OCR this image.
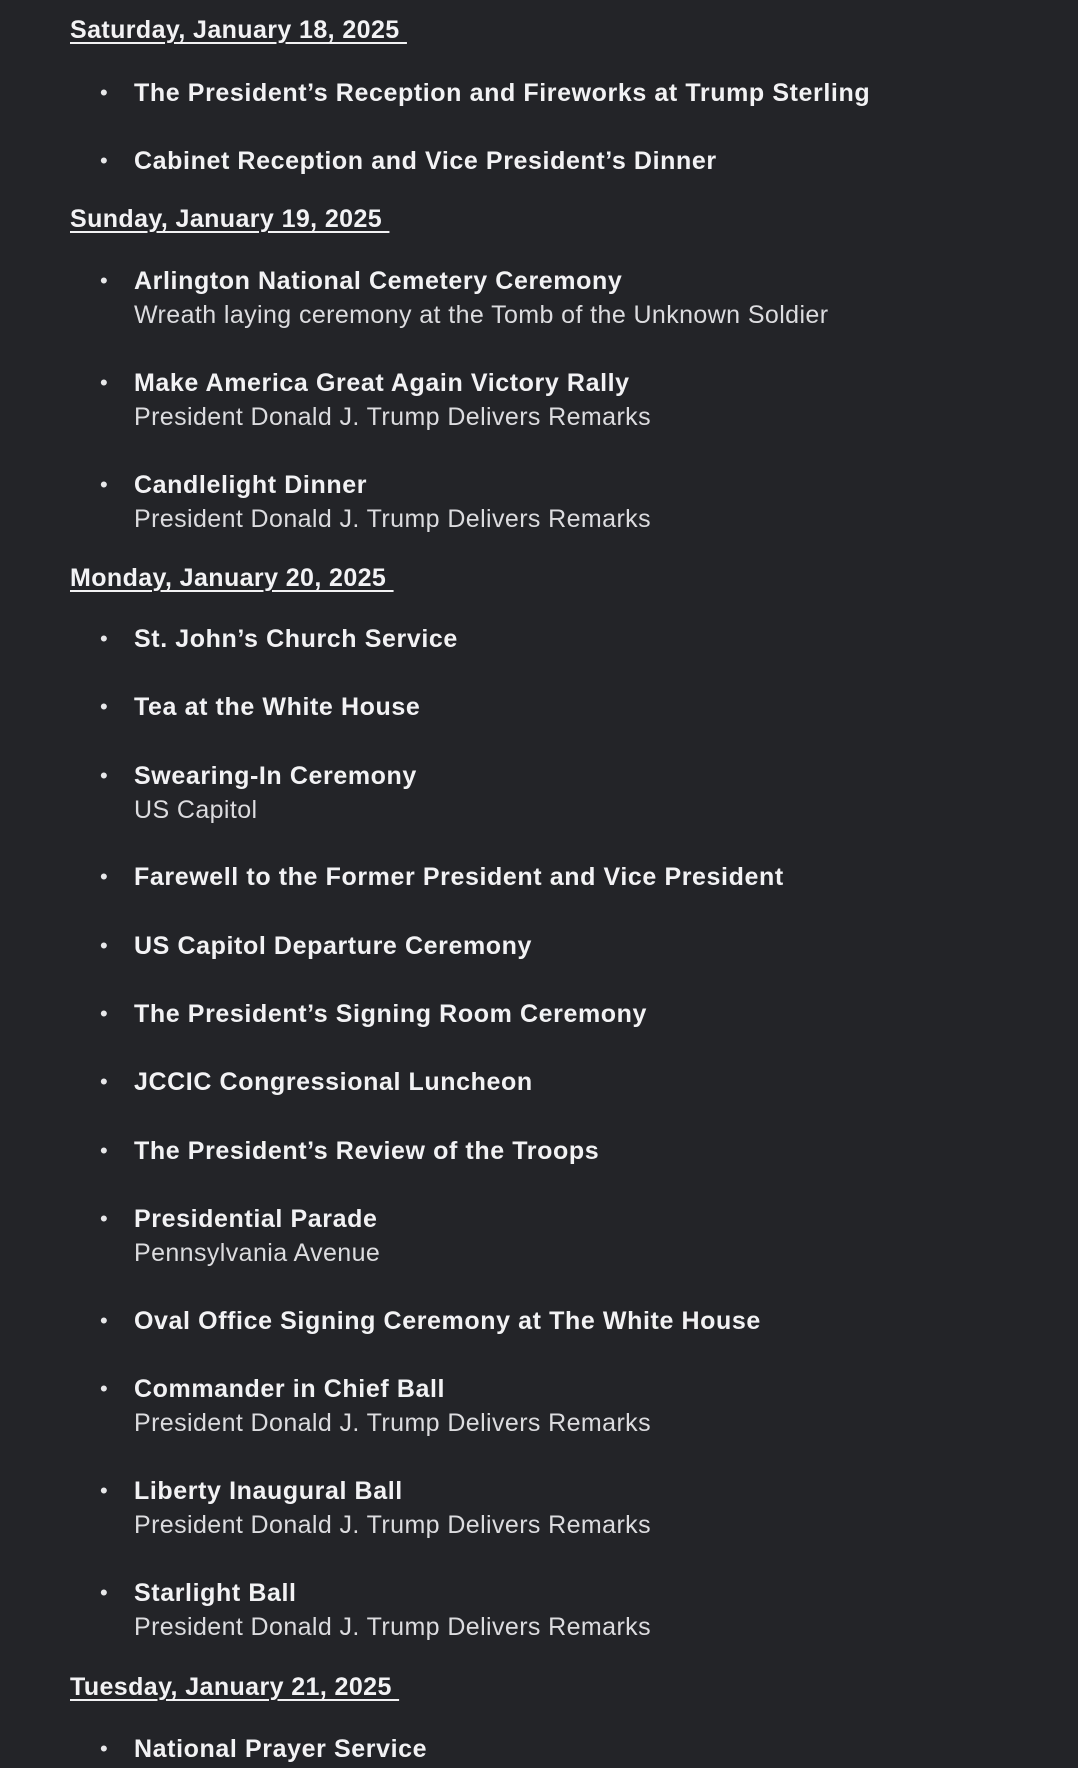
Saturday, January 18, 2025
• The President’s Reception and Fireworks at Trump Sterling
• Cabinet Reception and Vice President’s Dinner
Sunday, January 19, 2025
• Arlington National Cemetery Ceremony
Wreath laying ceremony at the Tomb of the Unknown Soldier
• Make America Great Again Victory Rally
President Donald J. Trump Delivers Remarks
• Candlelight Dinner
President Donald J. Trump Delivers Remarks
Monday, January 20, 2025
• St. John’s Church Service
• Tea at the White House
• Swearing-In Ceremony
US Capitol
• Farewell to the Former President and Vice President
• US Capitol Departure Ceremony
• The President’s Signing Room Ceremony
• JCCIC Congressional Luncheon
• The President’s Review of the Troops
• Presidential Parade
Pennsylvania Avenue
• Oval Office Signing Ceremony at The White House
• Commander in Chief Ball
President Donald J. Trump Delivers Remarks
• Liberty Inaugural Ball
President Donald J. Trump Delivers Remarks
• Starlight Ball
President Donald J. Trump Delivers Remarks
Tuesday, January 21, 2025
• National Prayer Service
